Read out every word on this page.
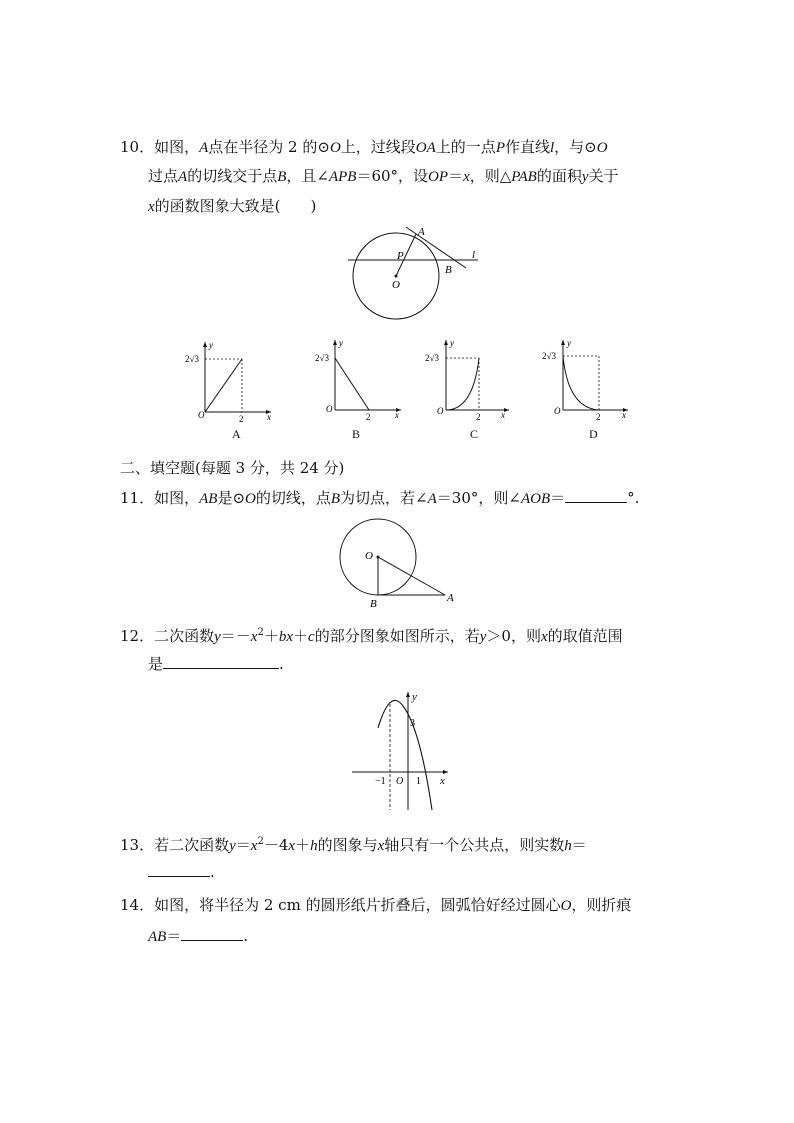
10．如图，A点在半径为 2 的⊙O上，过线段OA上的一点P作直线l，与⊙O
过点A的切线交于点B，且∠APB＝60°，设OP＝x，则△PAB的面积y关于
x的函数图象大致是(　　)
A
P	l
B
O
y
x
2√3
2
O
A
y
x
2√3
2
O
B
y
x
2√3
2
O
C
y
x
2√3
2
O
D
二、填空题(每题 3 分，共 24 分)
11．如图，AB是⊙O的切线，点B为切点，若∠A＝30°，则∠AOB＝	°.
O
B	A
12．二次函数$y=-x^2+bx+c$的部分图象如图所示，若y＞0，则x的取值范围
是	.
y
x
3
−1 O 1
13．若二次函数$y=x^2-4x+h$的图象与x轴只有一个公共点，则实数h＝
.
14．如图，将半径为 2 cm 的圆形纸片折叠后，圆弧恰好经过圆心O，则折痕
AB＝	.
